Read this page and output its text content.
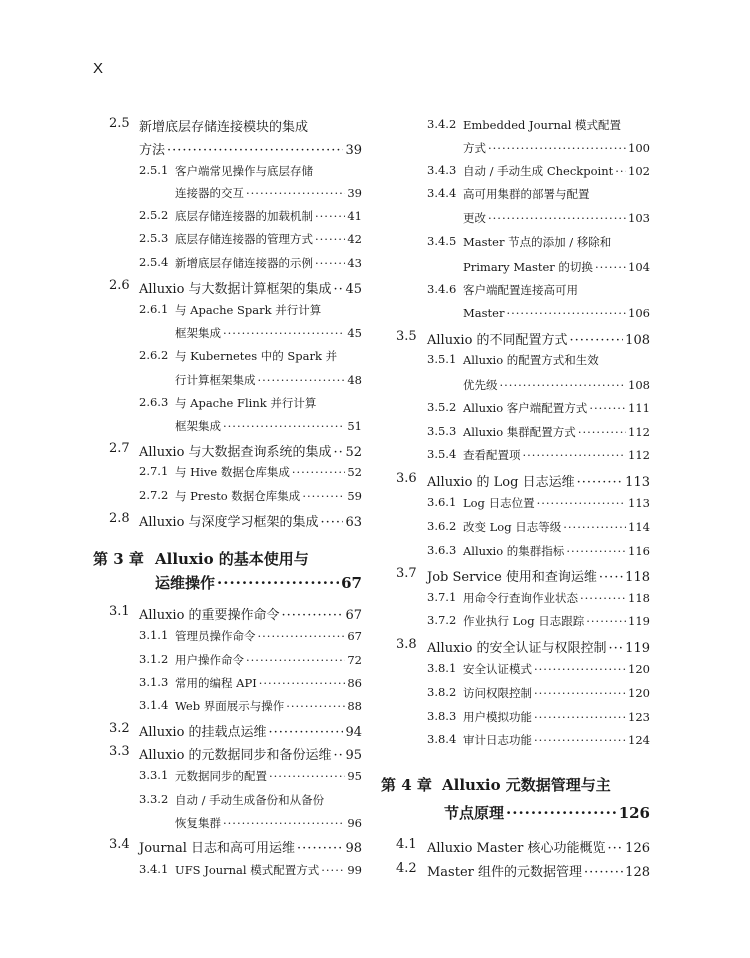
X
2.5 新增底层存储连接模块的集成
方法 ·····	39
2.5.1 客户端常见操作与底层存储
连接器的交互 ·····	39
2.5.2 底层存储连接器的加载机制 ·····	41
2.5.3 底层存储连接器的管理方式 ·····	42
2.5.4 新增底层存储连接器的示例 ·····	43
2.6 Alluxio 与大数据计算框架的集成 ····· 45
2.6.1 与 Apache Spark 并行计算
框架集成 ·····	45
2.6.2 与 Kubernetes 中的 Spark 并
行计算框架集成 ·····	48
2.6.3 与 Apache Flink 并行计算
框架集成 ·····	51
2.7 Alluxio 与大数据查询系统的集成 ····· 52
2.7.1 与 Hive 数据仓库集成 ·····	52
2.7.2 与 Presto 数据仓库集成 ·····	59
2.8 Alluxio 与深度学习框架的集成 ····· 63
第 3 章 Alluxio 的基本使用与
运维操作 ·····	67
3.1 Alluxio 的重要操作命令 ·····	67
3.1.1 管理员操作命令 ·····	67
3.1.2 用户操作命令 ·····	72
3.1.3 常用的编程 API ·····	86
3.1.4 Web 界面展示与操作 ·····	88
3.2 Alluxio 的挂载点运维 ·····	94
3.3 Alluxio 的元数据同步和备份运维 ····· 95
3.3.1 元数据同步的配置 ·····	95
3.3.2 自动 / 手动生成备份和从备份
恢复集群 ·····	96
3.4 Journal 日志和高可用运维 ·····	98
3.4.1 UFS Journal 模式配置方式 ····· 99
3.4.2 Embedded Journal 模式配置
方式 ·····	100
3.4.3 自动 / 手动生成 Checkpoint ····· 102
3.4.4 高可用集群的部署与配置
更改 ·····	103
3.4.5 Master 节点的添加 / 移除和
Primary Master 的切换 ·····	104
3.4.6 客户端配置连接高可用
Master ·····	106
3.5 Alluxio 的不同配置方式 ·····	108
3.5.1 Alluxio 的配置方式和生效
优先级 ·····	108
3.5.2 Alluxio 客户端配置方式 ·····	111
3.5.3 Alluxio 集群配置方式 ·····	112
3.5.4 查看配置项 ·····	112
3.6 Alluxio 的 Log 日志运维 ·····	113
3.6.1 Log 日志位置 ·····	113
3.6.2 改变 Log 日志等级 ·····	114
3.6.3 Alluxio 的集群指标 ·····	116
3.7 Job Service 使用和查询运维 ····· 118
3.7.1 用命令行查询作业状态 ·····	118
3.7.2 作业执行 Log 日志跟踪 ·····	119
3.8 Alluxio 的安全认证与权限控制 ····· 119
3.8.1 安全认证模式 ·····	120
3.8.2 访问权限控制 ·····	120
3.8.3 用户模拟功能 ·····	123
3.8.4 审计日志功能 ·····	124
第 4 章 Alluxio 元数据管理与主
节点原理 ·····	126
4.1 Alluxio Master 核心功能概览 ····· 126
4.2 Master 组件的元数据管理 ·····	128
